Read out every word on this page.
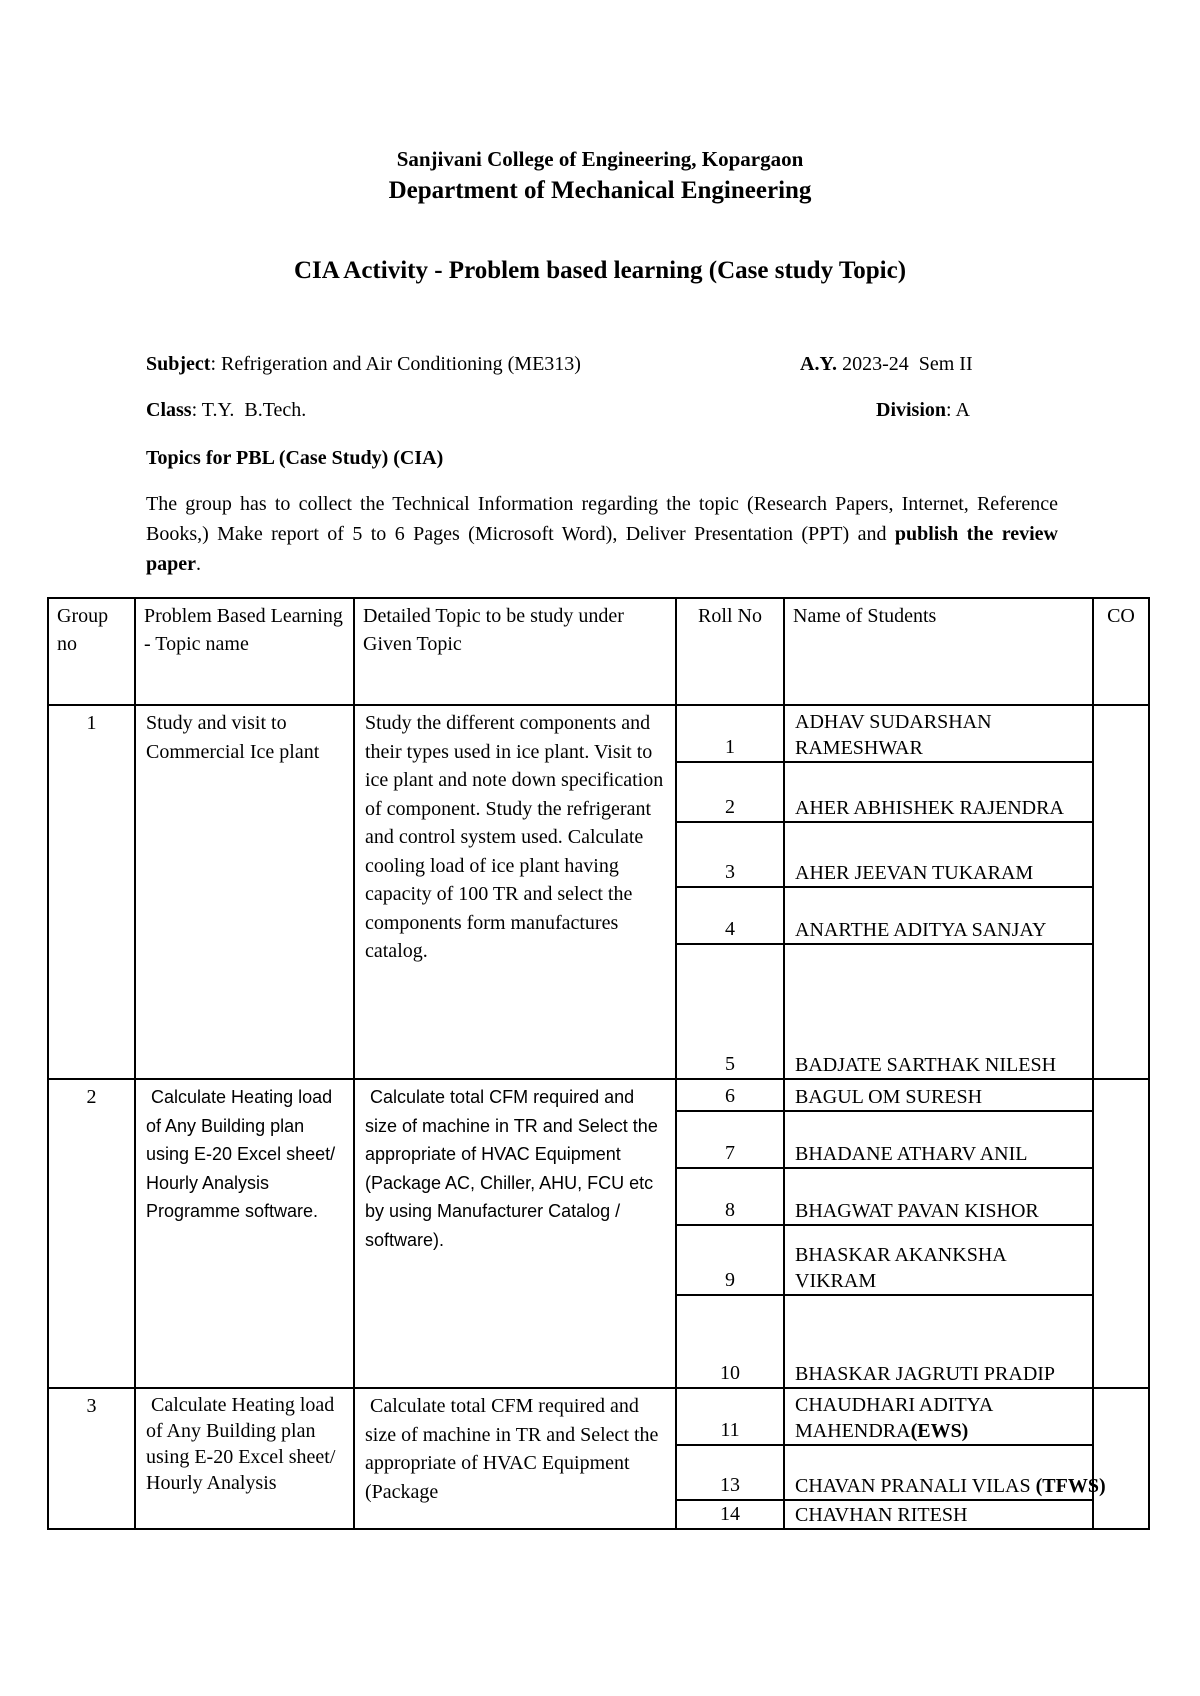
Sanjivani College of Engineering, Kopargaon
Department of Mechanical Engineering
CIA Activity - Problem based learning (Case study Topic)
Subject: Refrigeration and Air Conditioning (ME313)	A.Y. 2023-24  Sem II
Class: T.Y.  B.Tech.	Division: A
Topics for PBL (Case Study) (CIA)
The group has to collect the Technical Information regarding the topic (Research Papers, Internet, Reference Books,) Make report of 5 to 6 Pages (Microsoft Word), Deliver Presentation (PPT) and publish the review paper.
Group no	Problem Based Learning - Topic name	Detailed Topic to be study under Given Topic	Roll No	Name of Students	CO
1	Study and visit to Commercial Ice plant	Study the different components and their types used in ice plant. Visit to ice plant and note down specification of component. Study the refrigerant and control system used. Calculate cooling load of ice plant having capacity of 100 TR and select the components form manufactures catalog.	1	ADHAV SUDARSHAN RAMESHWAR	
			2	AHER ABHISHEK RAJENDRA	
			3	AHER JEEVAN TUKARAM	
			4	ANARTHE ADITYA SANJAY	
			5	BADJATE SARTHAK NILESH	
2	Calculate Heating load of Any Building plan using E-20 Excel sheet/ Hourly Analysis Programme software.	Calculate total CFM required and size of machine in TR and Select the appropriate of HVAC Equipment (Package AC, Chiller, AHU, FCU etc by using Manufacturer Catalog / software).	6	BAGUL OM SURESH	
			7	BHADANE ATHARV ANIL	
			8	BHAGWAT PAVAN KISHOR	
			9	BHASKAR AKANKSHA VIKRAM	
			10	BHASKAR JAGRUTI PRADIP	
3	Calculate Heating load of Any Building plan using E-20 Excel sheet/ Hourly Analysis	Calculate total CFM required and size of machine in TR and Select the appropriate of HVAC Equipment (Package	11	CHAUDHARI ADITYA MAHENDRA(EWS)	
			13	CHAVAN PRANALI VILAS (TFWS)	
			14	CHAVHAN RITESH	
